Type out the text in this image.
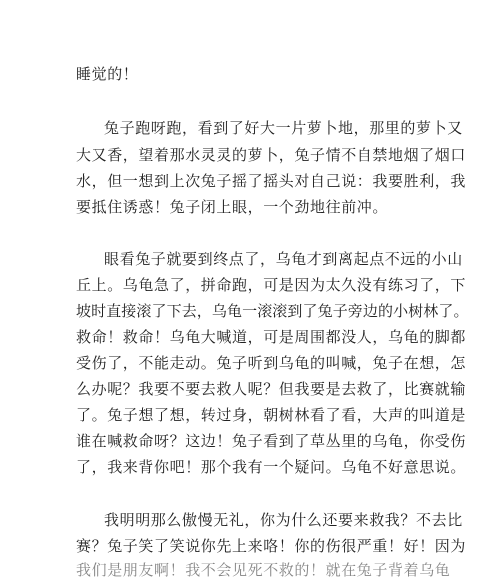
睡觉的！
兔子跑呀跑，看到了好大一片萝卜地，那里的萝卜又
大又香，望着那水灵灵的萝卜，兔子情不自禁地烟了烟口
水，但一想到上次兔子摇了摇头对自己说：我要胜利，我
要抵住诱惑！兔子闭上眼，一个劲地往前冲。
眼看兔子就要到终点了，乌龟才到离起点不远的小山
丘上。乌龟急了，拼命跑，可是因为太久没有练习了，下
坡时直接滚了下去，乌龟一滚滚到了兔子旁边的小树林了。
救命！救命！乌龟大喊道，可是周围都没人，乌龟的脚都
受伤了，不能走动。兔子听到乌龟的叫喊，兔子在想，怎
么办呢？我要不要去救人呢？但我要是去救了，比赛就输
了。兔子想了想，转过身，朝树林看了看，大声的叫道是
谁在喊救命呀？这边！兔子看到了草丛里的乌龟，你受伤
了，我来背你吧！那个我有一个疑问。乌龟不好意思说。
我明明那么傲慢无礼，你为什么还要来救我？不去比
赛？兔子笑了笑说你先上来咯！你的伤很严重！好！因为
我们是朋友啊！我不会见死不救的！就在兔子背着乌龟
